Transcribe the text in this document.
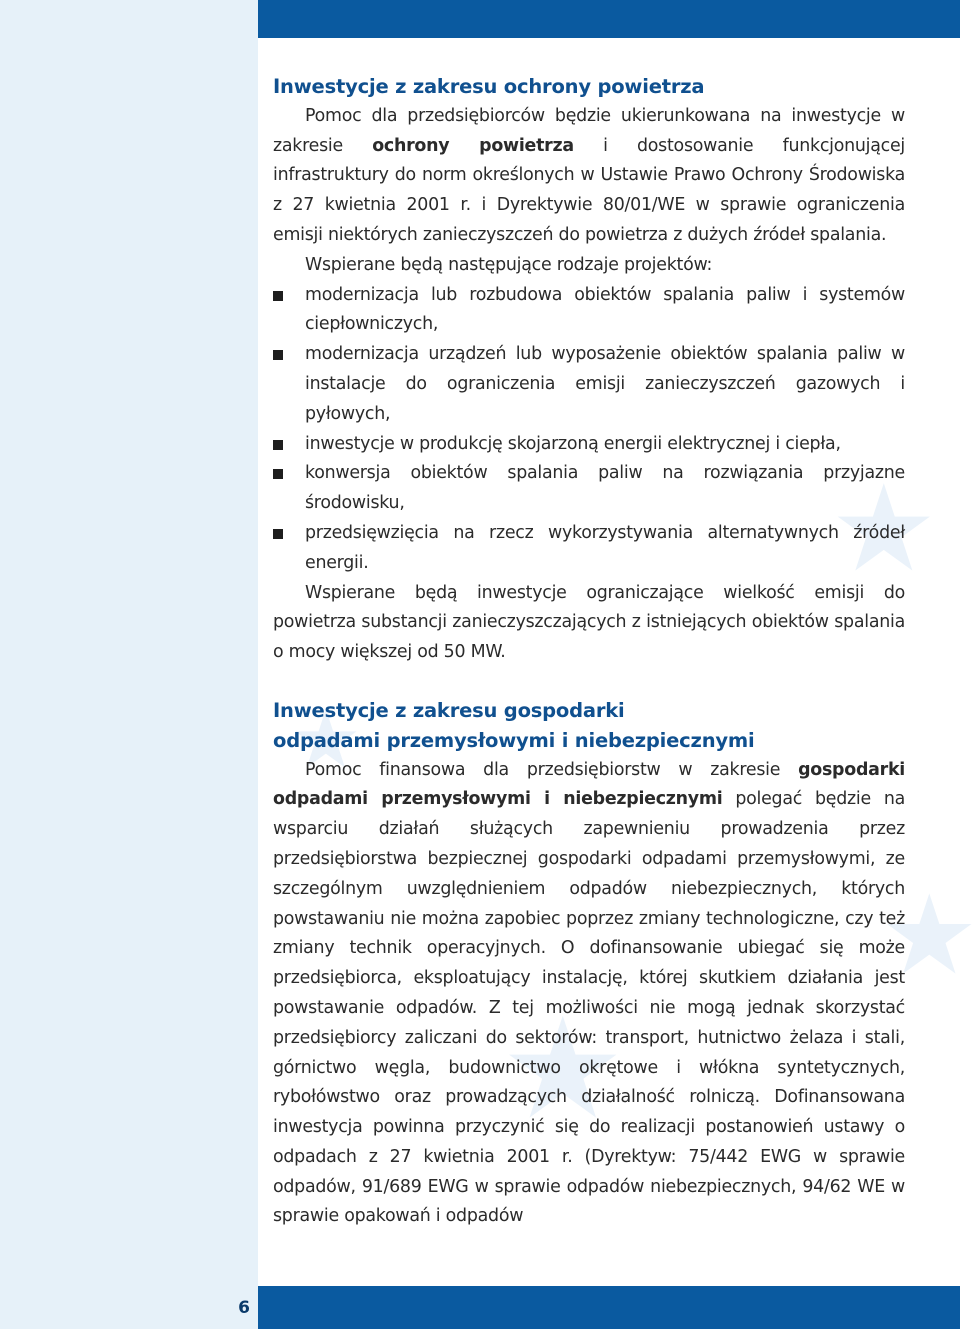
6
★
★
★
★
Inwestycje z zakresu ochrony powietrza

Pomoc dla przedsiębiorców będzie ukierunkowana na inwestycje w zakresie ochrony powietrza i dostosowanie funkcjonującej infrastruktury do norm określonych w Ustawie Prawo Ochrony Środowiska z 27 kwietnia 2001 r. i Dyrektywie 80/01/WE w sprawie ograniczenia emisji niektórych zanieczyszczeń do powietrza z dużych źródeł spalania.

Wspierane będą następujące rodzaje projektów:

modernizacja lub rozbudowa obiektów spalania paliw i systemów ciepłowniczych,
modernizacja urządzeń lub wyposażenie obiektów spalania paliw w instalacje do ograniczenia emisji zanieczyszczeń gazowych i pyłowych,
inwestycje w produkcję skojarzoną energii elektrycznej i ciepła,
konwersja obiektów spalania paliw na rozwiązania przyjazne środowisku,
przedsięwzięcia na rzecz wykorzystywania alternatywnych źródeł energii.

Wspierane będą inwestycje ograniczające wielkość emisji do powietrza substancji zanieczyszczających z istniejących obiektów spalania o mocy większej od 50 MW.

Inwestycje z zakresu gospodarki
odpadami przemysłowymi i niebezpiecznymi

Pomoc finansowa dla przedsiębiorstw w zakresie gospodarki odpadami przemysłowymi i niebezpiecznymi polegać będzie na wsparciu działań służących zapewnieniu prowadzenia przez przedsiębiorstwa bezpiecznej gospodarki odpadami przemysłowymi, ze szczególnym uwzględnieniem odpadów niebezpiecznych, których powstawaniu nie można zapobiec poprzez zmiany technologiczne, czy też zmiany technik operacyjnych. O dofinansowanie ubiegać się może przedsiębiorca, eksploatujący instalację, której skutkiem działania jest powstawanie odpadów. Z tej możliwości nie mogą jednak skorzystać przedsiębiorcy zaliczani do sektorów: transport, hutnictwo żelaza i stali, górnictwo węgla, budownictwo okrętowe i włókna syntetycznych, rybołówstwo oraz prowadzących działalność rolniczą. Dofinansowana inwestycja powinna przyczynić się do realizacji postanowień ustawy o odpadach z 27 kwietnia 2001 r. (Dyrektyw: 75/442 EWG w sprawie odpadów, 91/689 EWG w sprawie odpadów niebezpiecznych, 94/62 WE w sprawie opakowań i odpadów
